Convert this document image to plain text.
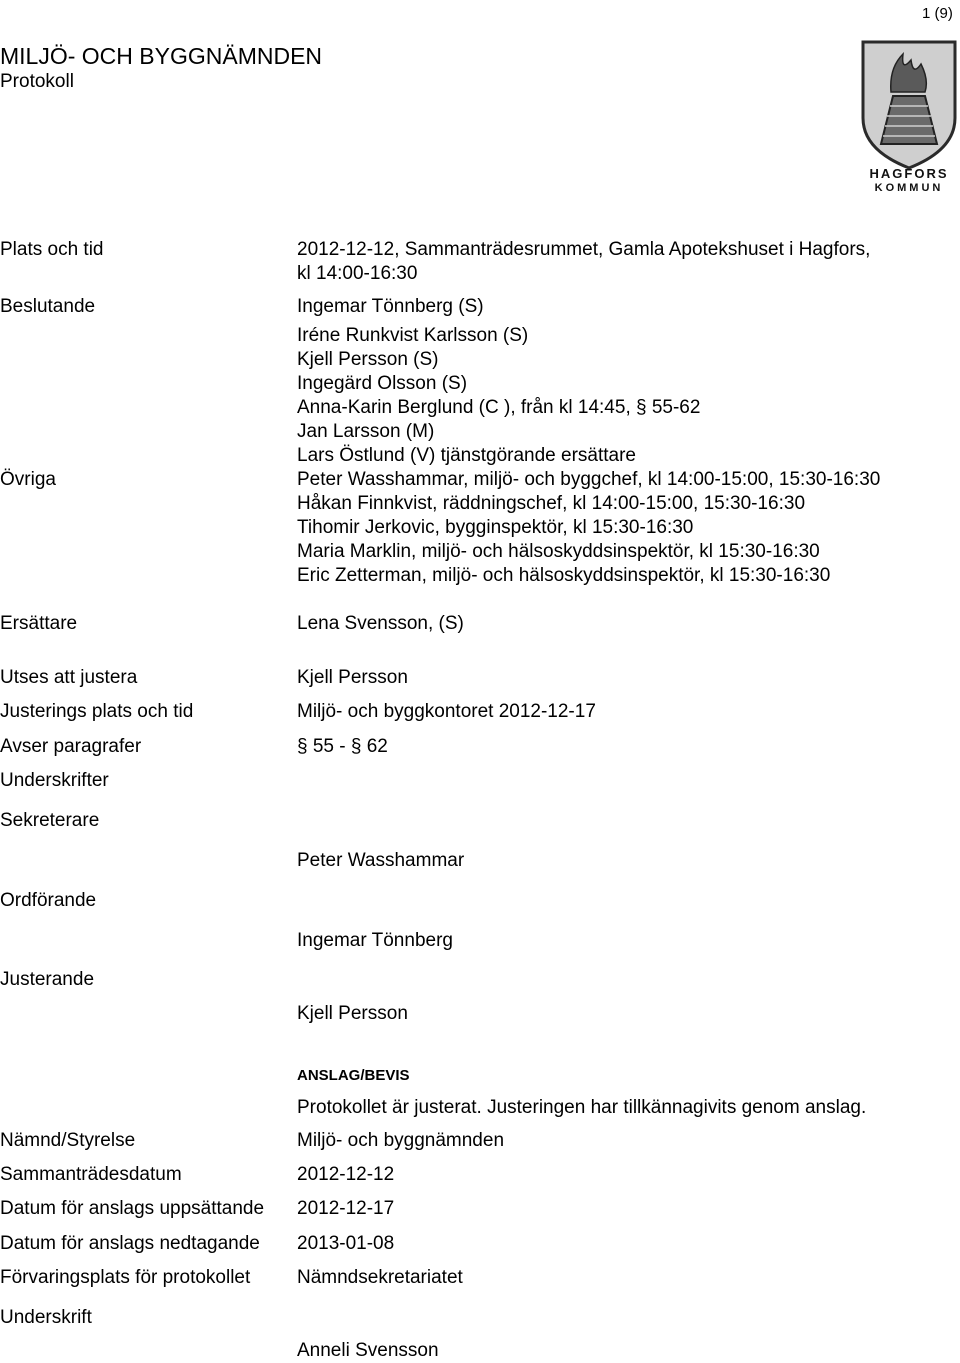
1 (9)
MILJÖ- OCH BYGGNÄMNDEN
Protokoll
HAGFORS
KOMMUN
Plats och tid	2012-12-12, Sammanträdesrummet, Gamla Apotekshuset i Hagfors,
kl 14:00-16:30
Beslutande	Ingemar Tönnberg (S)
Iréne Runkvist Karlsson (S)
Kjell Persson (S)
Ingegärd Olsson (S)
Anna-Karin Berglund (C ), från kl 14:45, § 55-62
Jan Larsson (M)
Lars Östlund (V) tjänstgörande ersättare
Övriga	Peter Wasshammar, miljö- och byggchef, kl 14:00-15:00, 15:30-16:30
Håkan Finnkvist, räddningschef, kl 14:00-15:00, 15:30-16:30
Tihomir Jerkovic, bygginspektör, kl 15:30-16:30
Maria Marklin, miljö- och hälsoskyddsinspektör, kl 15:30-16:30
Eric Zetterman, miljö- och hälsoskyddsinspektör, kl 15:30-16:30
Ersättare	Lena Svensson, (S)
Utses att justera	Kjell Persson
Justerings plats och tid	Miljö- och byggkontoret 2012-12-17
Avser paragrafer	§ 55 - § 62
Underskrifter
Sekreterare
Peter Wasshammar
Ordförande
Ingemar Tönnberg
Justerande
Kjell Persson
ANSLAG/BEVIS
Protokollet är justerat. Justeringen har tillkännagivits genom anslag.
Nämnd/Styrelse	Miljö- och byggnämnden
Sammanträdesdatum	2012-12-12
Datum för anslags uppsättande 2012-12-17
Datum för anslags nedtagande 2013-01-08
Förvaringsplats för protokollet Nämndsekretariatet
Underskrift
Anneli Svensson
